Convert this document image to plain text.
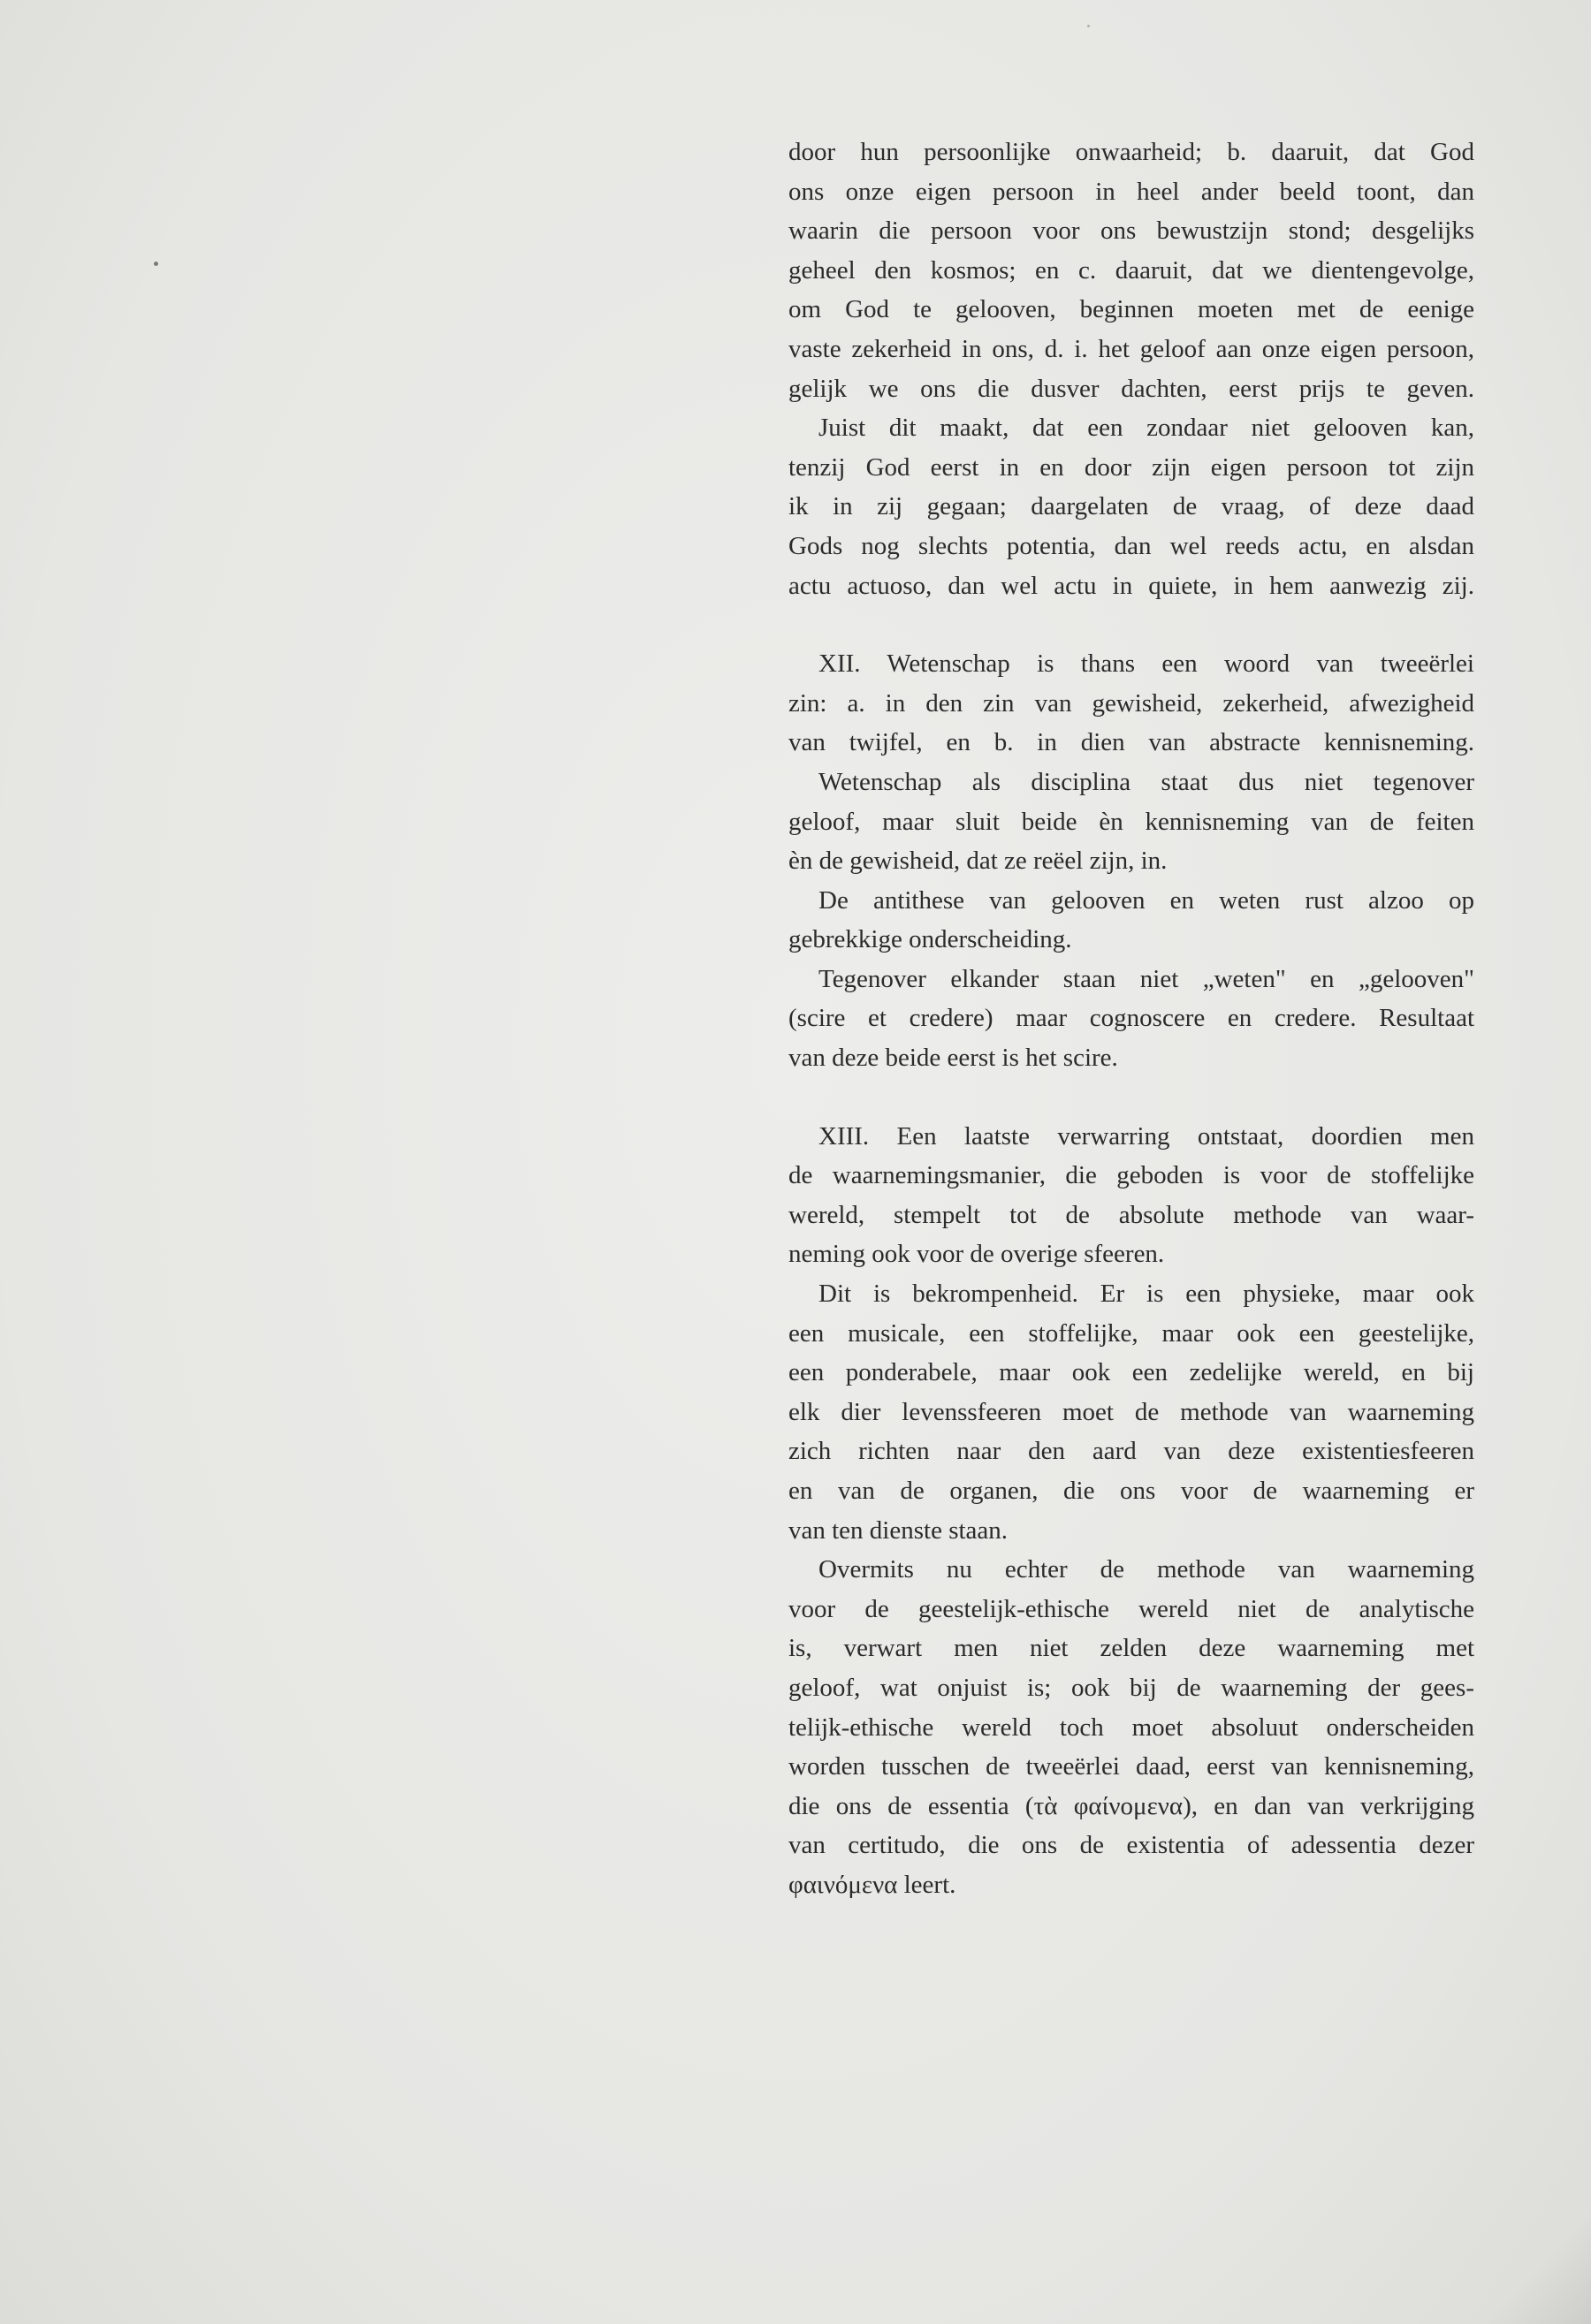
door hun persoonlijke onwaarheid; b. daaruit, dat God
ons onze eigen persoon in heel ander beeld toont, dan
waarin die persoon voor ons bewustzijn stond; desgelijks
geheel den kosmos; en c. daaruit, dat we dientengevolge,
om God te gelooven, beginnen moeten met de eenige
vaste zekerheid in ons, d. i. het geloof aan onze eigen persoon,
gelijk we ons die dusver dachten, eerst prijs te geven.
Juist dit maakt, dat een zondaar niet gelooven kan,
tenzij God eerst in en door zijn eigen persoon tot zijn
ik in zij gegaan; daargelaten de vraag, of deze daad
Gods nog slechts potentia, dan wel reeds actu, en alsdan
actu actuoso, dan wel actu in quiete, in hem aanwezig zij.
XII. Wetenschap is thans een woord van tweeërlei
zin: a. in den zin van gewisheid, zekerheid, afwezigheid
van twijfel, en b. in dien van abstracte kennisneming.
Wetenschap als disciplina staat dus niet tegenover
geloof, maar sluit beide èn kennisneming van de feiten
èn de gewisheid, dat ze reëel zijn, in.
De antithese van gelooven en weten rust alzoo op
gebrekkige onderscheiding.
Tegenover elkander staan niet „weten" en „gelooven"
(scire et credere) maar cognoscere en credere. Resultaat
van deze beide eerst is het scire.
XIII. Een laatste verwarring ontstaat, doordien men
de waarnemingsmanier, die geboden is voor de stoffelijke
wereld, stempelt tot de absolute methode van waar-
neming ook voor de overige sfeeren.
Dit is bekrompenheid. Er is een physieke, maar ook
een musicale, een stoffelijke, maar ook een geestelijke,
een ponderabele, maar ook een zedelijke wereld, en bij
elk dier levenssfeeren moet de methode van waarneming
zich richten naar den aard van deze existentiesfeeren
en van de organen, die ons voor de waarneming er
van ten dienste staan.
Overmits nu echter de methode van waarneming
voor de geestelijk-ethische wereld niet de analytische
is, verwart men niet zelden deze waarneming met
geloof, wat onjuist is; ook bij de waarneming der gees-
telijk-ethische wereld toch moet absoluut onderscheiden
worden tusschen de tweeërlei daad, eerst van kennisneming,
die ons de essentia (τὰ φαίνομενα), en dan van verkrijging
van certitudo, die ons de existentia of adessentia dezer
φαινόμενα leert.
